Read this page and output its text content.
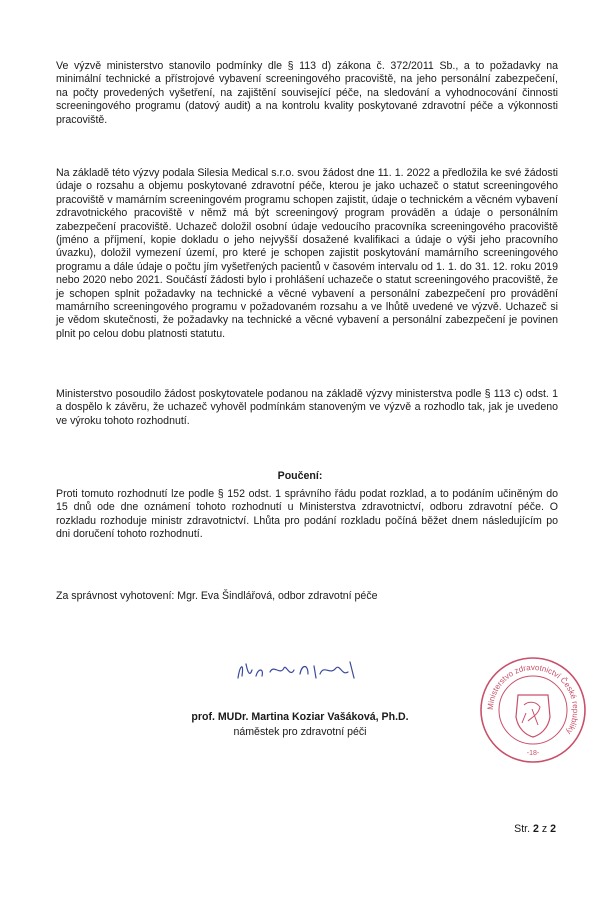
Ve výzvě ministerstvo stanovilo podmínky dle § 113 d) zákona č. 372/2011 Sb., a to požadavky na minimální technické a přístrojové vybavení screeningového pracoviště, na jeho personální zabezpečení, na počty provedených vyšetření, na zajištění související péče, na sledování a vyhodnocování činnosti screeningového programu (datový audit) a na kontrolu kvality poskytované zdravotní péče a výkonnosti pracoviště.

Na základě této výzvy podala Silesia Medical s.r.o. svou žádost dne 11. 1. 2022 a předložila ke své žádosti údaje o rozsahu a objemu poskytované zdravotní péče, kterou je jako uchazeč o statut screeningového pracoviště v mamárním screeningovém programu schopen zajistit, údaje o technickém a věcném vybavení zdravotnického pracoviště v němž má být screeningový program prováděn a údaje o personálním zabezpečení pracoviště. Uchazeč doložil osobní údaje vedoucího pracovníka screeningového pracoviště (jméno a příjmení, kopie dokladu o jeho nejvyšší dosažené kvalifikaci a údaje o výši jeho pracovního úvazku), doložil vymezení území, pro které je schopen zajistit poskytování mamárního screeningového programu a dále údaje o počtu jím vyšetřených pacientů v časovém intervalu od 1. 1. do 31. 12. roku 2019 nebo 2020 nebo 2021. Součástí žádosti bylo i prohlášení uchazeče o statut screeningového pracoviště, že je schopen splnit požadavky na technické a věcné vybavení a personální zabezpečení pro provádění mamárního screeningového programu v požadovaném rozsahu a ve lhůtě uvedené ve výzvě. Uchazeč si je vědom skutečnosti, že požadavky na technické a věcné vybavení a personální zabezpečení je povinen plnit po celou dobu platnosti statutu.

Ministerstvo posoudilo žádost poskytovatele podanou na základě výzvy ministerstva podle § 113 c) odst. 1 a dospělo k závěru, že uchazeč vyhověl podmínkám stanoveným ve výzvě a rozhodlo tak, jak je uvedeno ve výroku tohoto rozhodnutí.

Poučení:

Proti tomuto rozhodnutí lze podle § 152 odst. 1 správního řádu podat rozklad, a to podáním učiněným do 15 dnů ode dne oznámení tohoto rozhodnutí u Ministerstva zdravotnictví, odboru zdravotní péče. O rozkladu rozhoduje ministr zdravotnictví. Lhůta pro podání rozkladu počíná běžet dnem následujícím po dni doručení tohoto rozhodnutí.

Za správnost vyhotovení: Mgr. Eva Šindlářová, odbor zdravotní péče
Ministerstvo zdravotnictví České republiky
-18-
prof. MUDr. Martina Koziar Vašáková, Ph.D.
náměstek pro zdravotní péči
Str. 2 z 2
